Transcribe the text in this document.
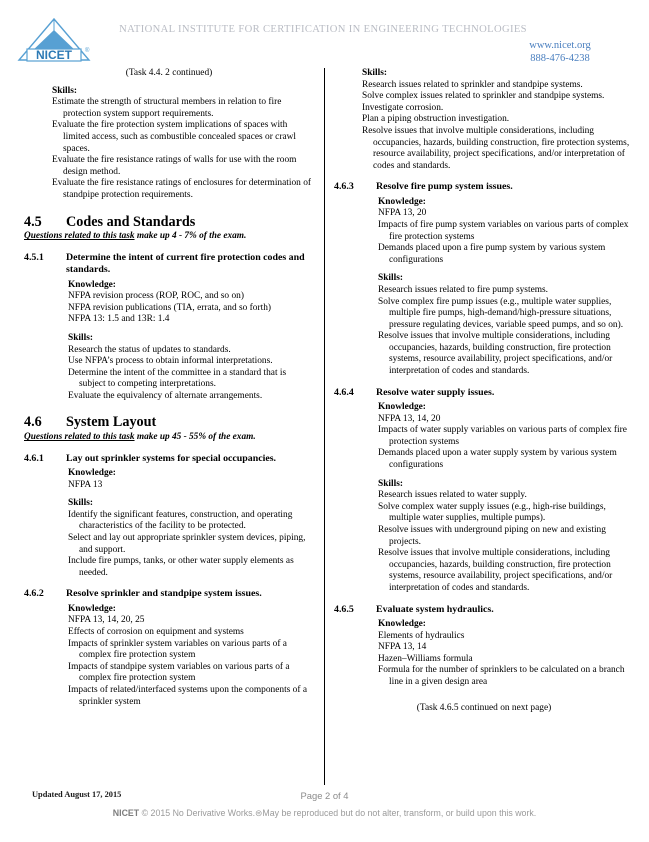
NICET ®
NATIONAL INSTITUTE FOR CERTIFICATION IN ENGINEERING TECHNOLOGIES
www.nicet.org
888-476-4238
(Task 4.4. 2 continued)
Skills:
Estimate the strength of structural members in relation to fire protection system support requirements.
Evaluate the fire protection system implications of spaces with limited access, such as combustible concealed spaces or crawl spaces.
Evaluate the fire resistance ratings of walls for use with the room design method.
Evaluate the fire resistance ratings of enclosures for determination of standpipe protection requirements.
4.5	Codes and Standards
Questions related to this task make up 4 - 7% of the exam.
4.5.1	Determine the intent of current fire protection codes and standards.
Knowledge:
NFPA revision process (ROP, ROC, and so on)
NFPA revision publications (TIA, errata, and so forth)
NFPA 13: 1.5 and 13R: 1.4
Skills:
Research the status of updates to standards.
Use NFPA’s process to obtain informal interpretations.
Determine the intent of the committee in a standard that is subject to competing interpretations.
Evaluate the equivalency of alternate arrangements.
4.6	System Layout
Questions related to this task make up 45 - 55% of the exam.
4.6.1	Lay out sprinkler systems for special occupancies.
Knowledge:
NFPA 13
Skills:
Identify the significant features, construction, and operating characteristics of the facility to be protected.
Select and lay out appropriate sprinkler system devices, piping, and support.
Include fire pumps, tanks, or other water supply elements as needed.
4.6.2	Resolve sprinkler and standpipe system issues.
Knowledge:
NFPA 13, 14, 20, 25
Effects of corrosion on equipment and systems
Impacts of sprinkler system variables on various parts of a complex fire protection system
Impacts of standpipe system variables on various parts of a complex fire protection system
Impacts of related/interfaced systems upon the components of a sprinkler system
Skills:
Research issues related to sprinkler and standpipe systems.
Solve complex issues related to sprinkler and standpipe systems.
Investigate corrosion.
Plan a piping obstruction investigation.
Resolve issues that involve multiple considerations, including occupancies, hazards, building construction, fire protection systems, resource availability, project specifications, and/or interpretation of codes and standards.
4.6.3	Resolve fire pump system issues.
Knowledge:
NFPA 13, 20
Impacts of fire pump system variables on various parts of complex fire protection systems
Demands placed upon a fire pump system by various system configurations
Skills:
Research issues related to fire pump systems.
Solve complex fire pump issues (e.g., multiple water supplies, multiple fire pumps, high-demand/high-pressure situations, pressure regulating devices, variable speed pumps, and so on).
Resolve issues that involve multiple considerations, including occupancies, hazards, building construction, fire protection systems, resource availability, project specifications, and/or interpretation of codes and standards.
4.6.4	Resolve water supply issues.
Knowledge:
NFPA 13, 14, 20
Impacts of water supply variables on various parts of complex fire protection systems
Demands placed upon a water supply system by various system configurations
Skills:
Research issues related to water supply.
Solve complex water supply issues (e.g., high-rise buildings, multiple water supplies, multiple pumps).
Resolve issues with underground piping on new and existing projects.
Resolve issues that involve multiple considerations, including occupancies, hazards, building construction, fire protection systems, resource availability, project specifications, and/or interpretation of codes and standards.
4.6.5	Evaluate system hydraulics.
Knowledge:
Elements of hydraulics
NFPA 13, 14
Hazen–Williams formula
Formula for the number of sprinklers to be calculated on a branch line in a given design area
(Task 4.6.5 continued on next page)
Updated August 17, 2015	Page 2 of 4
NICET © 2015 No Derivative Works.⊜May be reproduced but do not alter, transform, or build upon this work.
